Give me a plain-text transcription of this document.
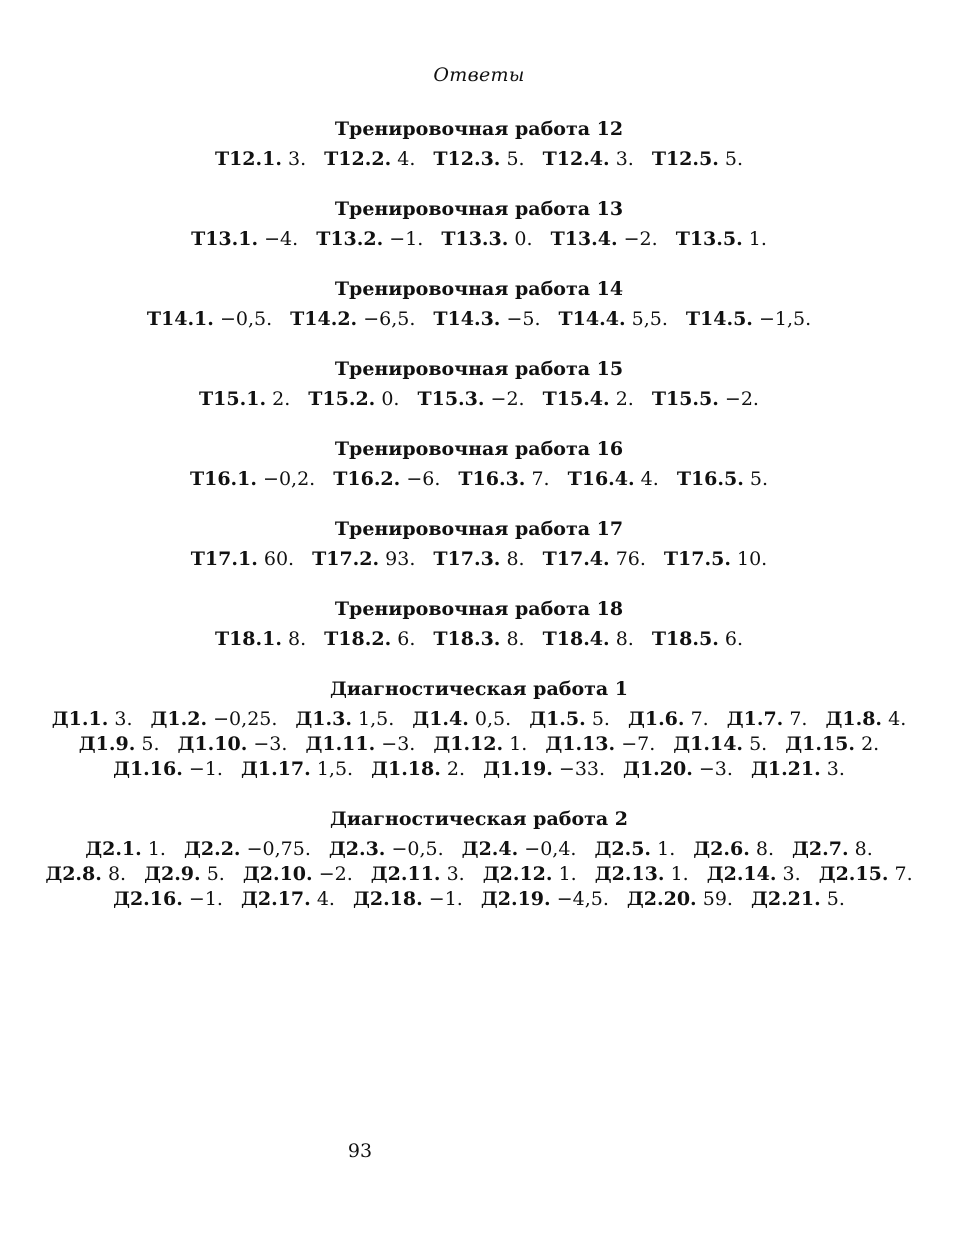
Ответы
Тренировочная работа 12
Т12.1. 3. Т12.2. 4. Т12.3. 5. Т12.4. 3. Т12.5. 5.
Тренировочная работа 13
Т13.1. −4. Т13.2. −1. Т13.3. 0. Т13.4. −2. Т13.5. 1.
Тренировочная работа 14
Т14.1. −0,5. Т14.2. −6,5. Т14.3. −5. Т14.4. 5,5. Т14.5. −1,5.
Тренировочная работа 15
Т15.1. 2. Т15.2. 0. Т15.3. −2. Т15.4. 2. Т15.5. −2.
Тренировочная работа 16
Т16.1. −0,2. Т16.2. −6. Т16.3. 7. Т16.4. 4. Т16.5. 5.
Тренировочная работа 17
Т17.1. 60. Т17.2. 93. Т17.3. 8. Т17.4. 76. Т17.5. 10.
Тренировочная работа 18
Т18.1. 8. Т18.2. 6. Т18.3. 8. Т18.4. 8. Т18.5. 6.
Диагностическая работа 1
Д1.1. 3. Д1.2. −0,25. Д1.3. 1,5. Д1.4. 0,5. Д1.5. 5. Д1.6. 7. Д1.7. 7. Д1.8. 4.
Д1.9. 5. Д1.10. −3. Д1.11. −3. Д1.12. 1. Д1.13. −7. Д1.14. 5. Д1.15. 2.
Д1.16. −1. Д1.17. 1,5. Д1.18. 2. Д1.19. −33. Д1.20. −3. Д1.21. 3.
Диагностическая работа 2
Д2.1. 1. Д2.2. −0,75. Д2.3. −0,5. Д2.4. −0,4. Д2.5. 1. Д2.6. 8. Д2.7. 8.
Д2.8. 8. Д2.9. 5. Д2.10. −2. Д2.11. 3. Д2.12. 1. Д2.13. 1. Д2.14. 3. Д2.15. 7.
Д2.16. −1. Д2.17. 4. Д2.18. −1. Д2.19. −4,5. Д2.20. 59. Д2.21. 5.
93
